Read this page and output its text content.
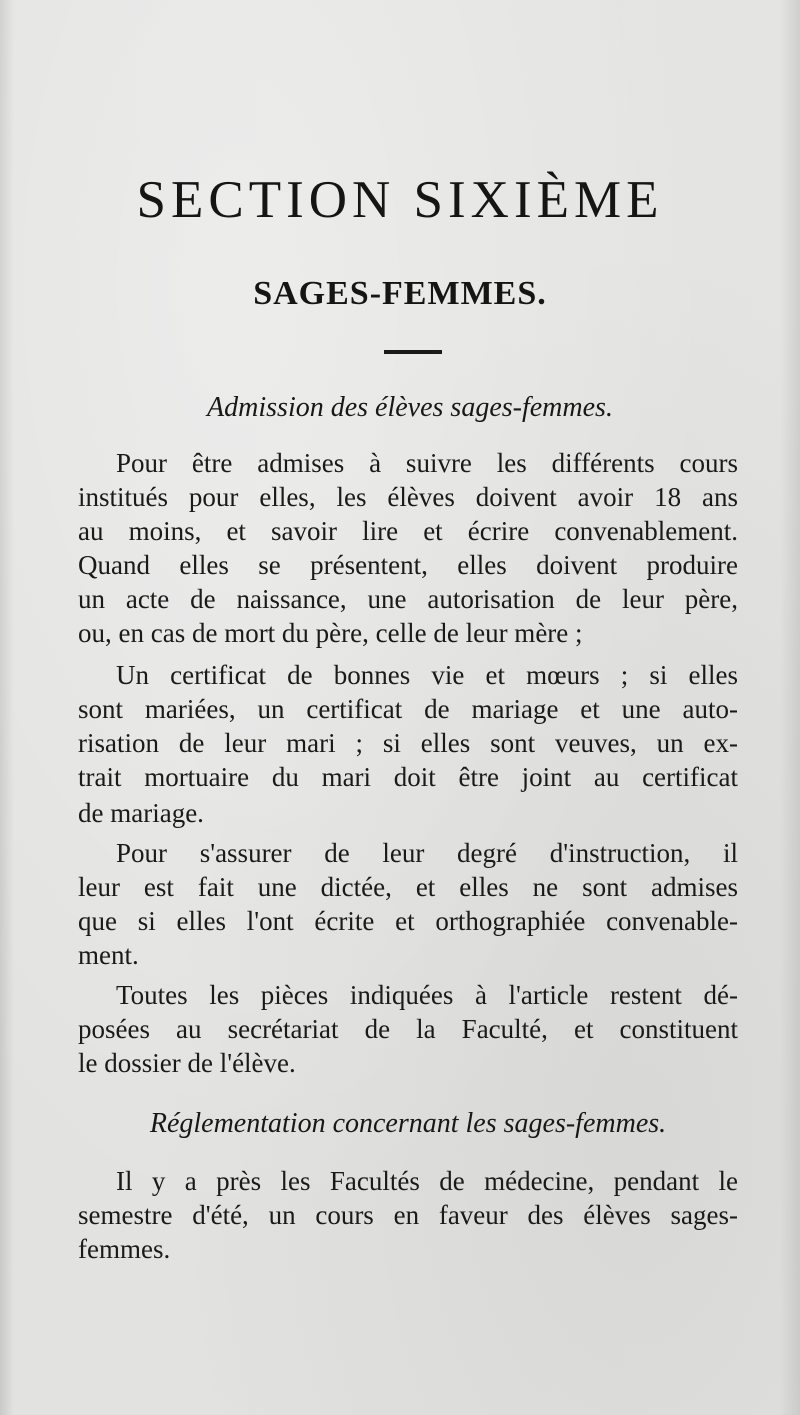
SECTION SIXIÈME
SAGES-FEMMES.
Admission des élèves sages-femmes.
Pour être admises à suivre les différents cours
institués pour elles, les élèves doivent avoir 18 ans
au moins, et savoir lire et écrire convenablement.
Quand elles se présentent, elles doivent produire
un acte de naissance, une autorisation de leur père,
ou, en cas de mort du père, celle de leur mère ;
Un certificat de bonnes vie et mœurs ; si elles
sont mariées, un certificat de mariage et une auto-
risation de leur mari ; si elles sont veuves, un ex-
trait mortuaire du mari doit être joint au certificat
de mariage.
Pour s'assurer de leur degré d'instruction, il
leur est fait une dictée, et elles ne sont admises
que si elles l'ont écrite et orthographiée convenable-
ment.
Toutes les pièces indiquées à l'article restent dé-
posées au secrétariat de la Faculté, et constituent
le dossier de l'élève.
Réglementation concernant les sages-femmes.
Il y a près les Facultés de médecine, pendant le
semestre d'été, un cours en faveur des élèves sages-
femmes.
